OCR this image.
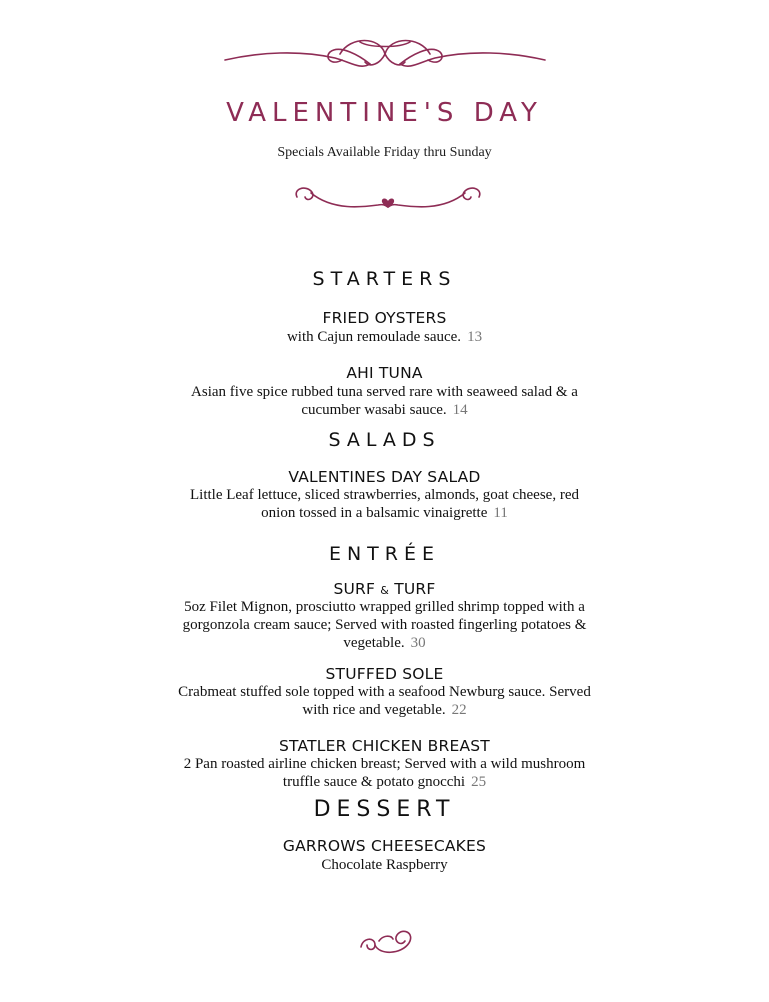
VALENTINE'S DAY
Specials Available Friday thru Sunday
STARTERS
FRIED OYSTERS
with Cajun remoulade sauce. 13
AHI TUNA
Asian five spice rubbed tuna served rare with seaweed salad & a
cucumber wasabi sauce. 14
SALADS
VALENTINES DAY SALAD
Little Leaf lettuce, sliced strawberries, almonds, goat cheese, red
onion tossed in a balsamic vinaigrette 11
ENTRÉE
SURF & TURF
5oz Filet Mignon, prosciutto wrapped grilled shrimp topped with a
gorgonzola cream sauce; Served with roasted fingerling potatoes &
vegetable. 30
STUFFED SOLE
Crabmeat stuffed sole topped with a seafood Newburg sauce. Served
with rice and vegetable. 22
STATLER CHICKEN BREAST
2 Pan roasted airline chicken breast; Served with a wild mushroom
truffle sauce & potato gnocchi 25
DESSERT
GARROWS CHEESECAKES
Chocolate Raspberry
